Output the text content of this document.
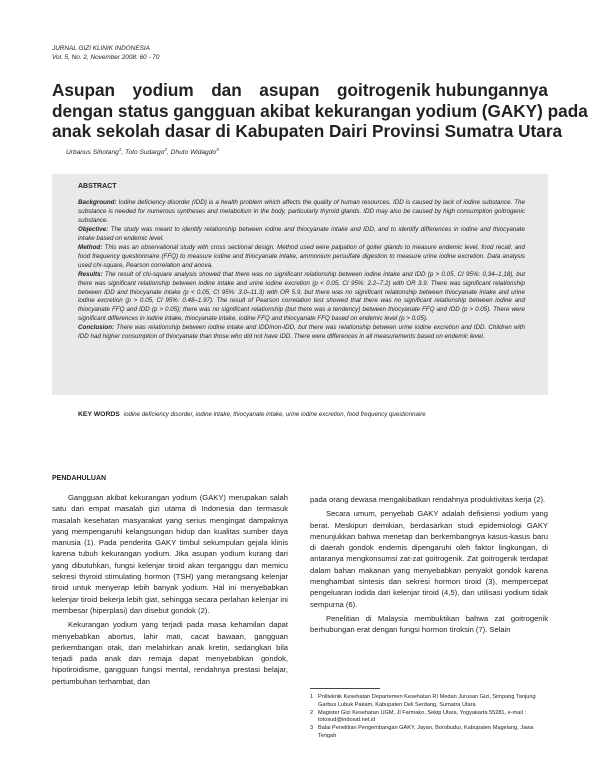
JURNAL GIZI KLINIK INDONESIA
Vol. 5, No. 2, November 2008: 60 - 70
Asupan yodium dan asupan goitrogenik hubungannya
dengan status gangguan akibat kekurangan yodium (GAKY) pada
anak sekolah dasar di Kabupaten Dairi Provinsi Sumatra Utara
Urbanus Sihotang$^1$, Toto Sudargo$^2$, Dhuto Widagdo$^3$
ABSTRACT

Background: Iodine deficiency disorder (IDD) is a health problem which affects the quality of human resources. IDD is caused by lack of iodine substance. The substance is needed for numerous syntheses and metabolism in the body, particularly thyroid glands. IDD may also be caused by high consumption goitrogenic substance.

Objective: The study was meant to identify relationship between iodine and thiocyanate intake and IDD, and to identify differences in iodine and thiocyanate intake based on endemic level.

Method: This was an observational study with cross sectional design. Method used were palpation of goiter glands to measure endemic level, food recall, and food frequency questionnaire (FFQ) to measure iodine and thiocyanate intake, ammonium persulfate digestion to measure urine iodine excretion. Data analysis used chi-square, Pearson correlation and anova.

Results: The result of chi-square analysis showed that there was no significant relationship between iodine intake and IDD (p > 0.05, CI 95%: 0,34–1,18), but there was significant relationship between iodine intake and urine iodine excretion (p < 0.05, CI 95%: 2.2–7.2) with OR 3.9. There was significant relationship between IDD and thiocyanate intake (p < 0.05, CI 95%: 3.0–11.3) with OR 5.9, but there was no significant relationship between thiocyanate intake and urine iodine excretion (p > 0.05, CI 95%: 0.48–1.97). The result of Pearson correlation test showed that there was no significant relationship between iodine and thiocyanate FFQ and IDD (p > 0.05); there was no significant relationship (but there was a tendency) between thiocyanate FFQ and IDD (p > 0.05). There were significant differences in iodine intake, thiocyanate intake, iodine FFQ and thiocyanate FFQ based on endemic level (p > 0.05).

Conclusion: There was relationship between iodine intake and IDD/non-IDD, but there was relationship between urine iodine excretion and IDD. Children with IDD had higher consumption of thiocyanate than those who did not have IDD. There were differences in all measurements based on endemic level.

KEY WORDS iodine deficiency disorder, iodine intake, thiocyanate intake, urine iodine excretion, food frequency questionnaire
PENDAHULUAN

Gangguan akibat kekurangan yodium (GAKY) merupakan salah satu dari empat masalah gizi utama di Indonesia dan termasuk masalah kesehatan masyarakat yang serius mengingat dampaknya yang mempengaruhi kelangsungan hidup dan kualitas sumber daya manusia (1). Pada penderita GAKY timbul sekumpulan gejala klinis karena tubuh kekurangan yodium. Jika asupan yodium kurang dari yang dibutuhkan, fungsi kelenjar tiroid akan terganggu dan memicu sekresi thyroid stimulating hormon (TSH) yang merangsang kelenjar tiroid untuk menyerap lebih banyak yodium. Hal ini menyebabkan kelenjar tiroid bekerja lebih giat, sehingga secara perlahan kelenjar ini membesar (hiperplasi) dan disebut gondok (2).

Kekurangan yodium yang terjadi pada masa kehamilan dapat menyebabkan abortus, lahir mati, cacat bawaan, gangguan perkembangan otak, dan melahirkan anak kretin, sedangkan bila terjadi pada anak dan remaja dapat menyebabkan gondok, hipotiroidisme, gangguan fungsi mental, rendahnya prestasi belajar, pertumbuhan terhambat, dan

pada orang dewasa mengakibatkan rendahnya produktivitas kerja (2).

Secara umum, penyebab GAKY adalah defisiensi yodium yang berat. Meskipun demikian, berdasarkan studi epidemiologi GAKY menunjukkan bahwa menetap dan berkembangnya kasus-kasus baru di daerah gondok endemis dipengaruhi oleh faktor lingkungan, di antaranya mengkonsumsi zat-zat goitrogenik. Zat goitrogenik terdapat dalam bahan makanan yang menyebabkan penyakit gondok karena menghambat sintesis dan sekresi hormon tiroid (3), mempercepat pengeluaran iodida dari kelenjar tiroid (4,5), dan utilisasi yodium tidak sempurna (6).

Penelitian di Malaysia membuktikan bahwa zat goitrogenik berhubungan erat dengan fungsi hormon tiroksin (7). Selain

1 Politeknik Kesehatan Departemen Kesehatan RI Medan Jurusan Gizi, Simpang Tanjung Garbus Lubuk Pakam, Kabupaten Deli Serdang, Sumatra Utara
2 Magister Gizi Kesehatan UGM, Jl Farmako, Sekip Utara, Yogyakarta 55281, e-mail : totosud@indosat.net.id
3 Balai Penelitian Pengembangan GAKY, Jayan, Borobudur, Kabupaten Magelang, Jawa Tengah
